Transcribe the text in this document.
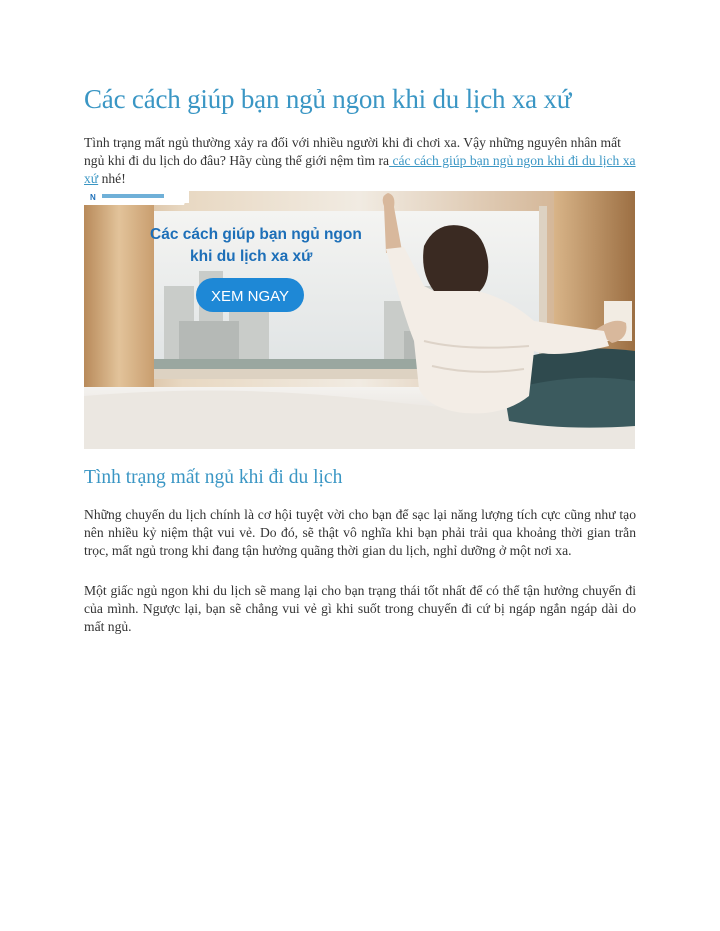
Các cách giúp bạn ngủ ngon khi du lịch xa xứ

Tình trạng mất ngủ thường xảy ra đối với nhiều người khi đi chơi xa. Vậy những nguyên nhân mất ngủ khi đi du lịch do đâu? Hãy cùng thế giới nệm tìm ra các cách giúp bạn ngủ ngon khi đi du lịch xa xứ nhé!

N
Các cách giúp bạn ngủ ngon
khi du lịch xa xứ
XEM NGAY
Tình trạng mất ngủ khi đi du lịch

Những chuyến du lịch chính là cơ hội tuyệt vời cho bạn để sạc lại năng lượng tích cực cũng như tạo nên nhiều kỷ niệm thật vui vẻ. Do đó, sẽ thật vô nghĩa khi bạn phải trải qua khoảng thời gian trằn trọc, mất ngủ trong khi đang tận hưởng quãng thời gian du lịch, nghỉ dưỡng ở một nơi xa.

Một giấc ngủ ngon khi du lịch sẽ mang lại cho bạn trạng thái tốt nhất để có thể tận hưởng chuyến đi của mình. Ngược lại, bạn sẽ chẳng vui vẻ gì khi suốt trong chuyến đi cứ bị ngáp ngắn ngáp dài do mất ngủ.
